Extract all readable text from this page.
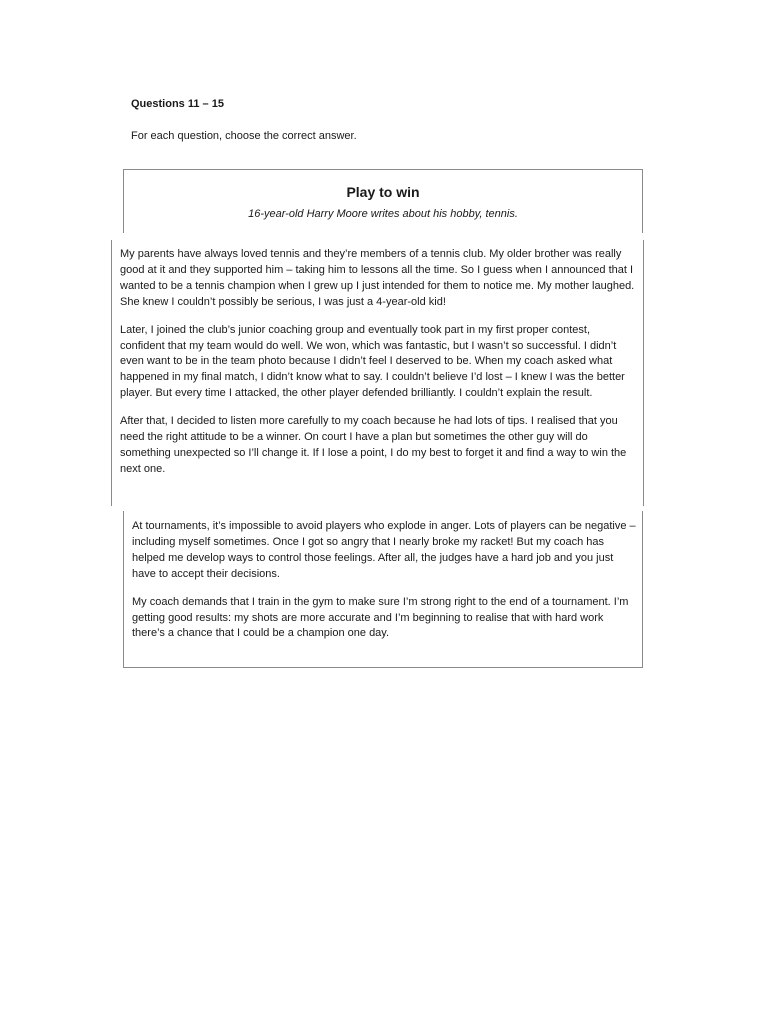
Questions 11 – 15

For each question, choose the correct answer.

Play to win

16-year-old Harry Moore writes about his hobby, tennis.

My parents have always loved tennis and they’re members of a tennis club. My older brother was really good at it and they supported him – taking him to lessons all the time. So I guess when I announced that I wanted to be a tennis champion when I grew up I just intended for them to notice me. My mother laughed. She knew I couldn’t possibly be serious, I was just a 4-year-old kid!

Later, I joined the club’s junior coaching group and eventually took part in my first proper contest, confident that my team would do well. We won, which was fantastic, but I wasn’t so successful. I didn’t even want to be in the team photo because I didn’t feel I deserved to be. When my coach asked what happened in my final match, I didn’t know what to say. I couldn’t believe I’d lost – I knew I was the better player. But every time I attacked, the other player defended brilliantly. I couldn’t explain the result.

After that, I decided to listen more carefully to my coach because he had lots of tips. I realised that you need the right attitude to be a winner. On court I have a plan but sometimes the other guy will do something unexpected so I’ll change it. If I lose a point, I do my best to forget it and find a way to win the next one.

At tournaments, it’s impossible to avoid players who explode in anger. Lots of players can be negative – including myself sometimes. Once I got so angry that I nearly broke my racket! But my coach has helped me develop ways to control those feelings. After all, the judges have a hard job and you just have to accept their decisions.

My coach demands that I train in the gym to make sure I’m strong right to the end of a tournament. I’m getting good results: my shots are more accurate and I’m beginning to realise that with hard work there’s a chance that I could be a champion one day.
